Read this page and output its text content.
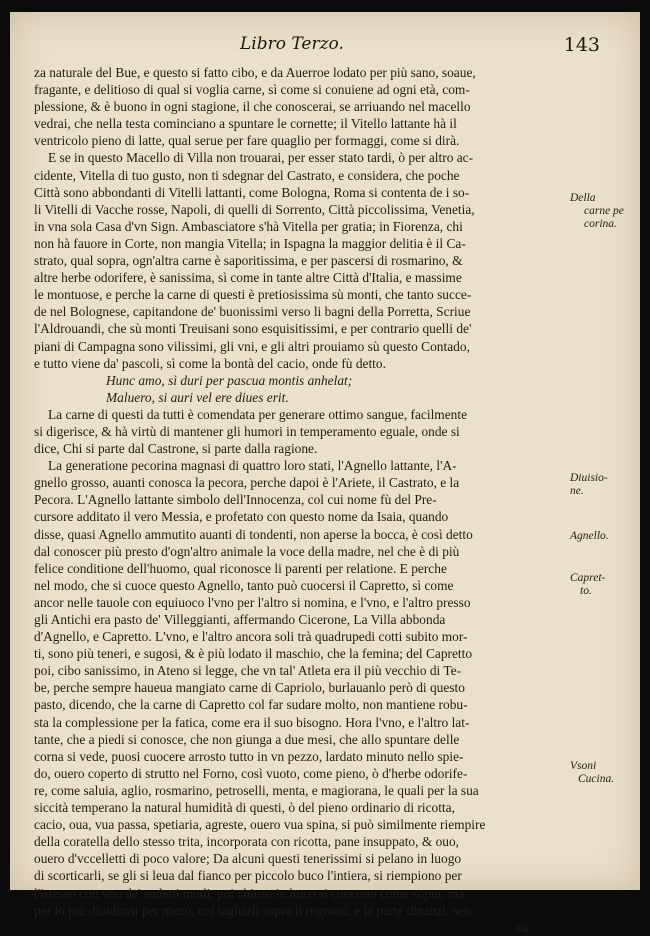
Libro Terzo.	143
za naturale del Bue, e questo si fatto cibo, e da Auerroe lodato per più sano, soaue,
fragante, e delitioso di qual si voglia carne, sì come si conuiene ad ogni età, com-
plessione, & è buono in ogni stagione, il che conoscerai, se arriuando nel macello
vedrai, che nella testa cominciano a spuntare le cornette; il Vitello lattante hà il
ventricolo pieno di latte, qual serue per fare quaglio per formaggi, come si dirà.
E se in questo Macello di Villa non trouarai, per esser stato tardi, ò per altro ac-
cidente, Vitella di tuo gusto, non ti sdegnar del Castrato, e considera, che poche
Città sono abbondanti di Vitelli lattanti, come Bologna, Roma si contenta de i so-
li Vitelli di Vacche rosse, Napoli, di quelli di Sorrento, Città piccolissima, Venetia,
in vna sola Casa d'vn Sign. Ambasciatore s'hà Vitella per gratia; in Fiorenza, chi
non hà fauore in Corte, non mangia Vitella; in Ispagna la maggior delitia è il Ca-
strato, qual sopra, ogn'altra carne è saporitissima, e per pascersi di rosmarino, &
altre herbe odorifere, è sanissima, sì come in tante altre Città d'Italia, e massime
le montuose, e perche la carne di questi è pretiosissima sù monti, che tanto succe-
de nel Bolognese, capitandone de' buonissimi verso li bagni della Porretta, Scriue
l'Aldrouandi, che sù monti Treuisani sono esquisitissimi, e per contrario quelli de'
piani di Campagna sono vilissimi, gli vni, e gli altri prouiamo sù questo Contado,
e tutto viene da' pascoli, sì come la bontà del cacio, onde fù detto.
Hunc amo, sì duri per pascua montis anhelat;
Maluero, si auri vel ere diues erit.
La carne di questi da tutti è comendata per generare ottimo sangue, facilmente
si digerisce, & hà virtù di mantener gli humori in temperamento eguale, onde si
dice, Chi si parte dal Castrone, si parte dalla ragione.
La generatione pecorina magnasi di quattro loro stati, l'Agnello lattante, l'A-
gnello grosso, auanti conosca la pecora, perche dapoi è l'Ariete, il Castrato, e la
Pecora. L'Agnello lattante simbolo dell'Innocenza, col cui nome fù del Pre-
cursore additato il vero Messia, e profetato con questo nome da Isaia, quando
disse, quasi Agnello ammutito auanti di tondenti, non aperse la bocca, è così detto
dal conoscer più presto d'ogn'altro animale la voce della madre, nel che è di più
felice conditione dell'huomo, qual riconosce li parenti per relatione. E perche
nel modo, che si cuoce questo Agnello, tanto può cuocersi il Capretto, sì come
ancor nelle tauole con equiuoco l'vno per l'altro si nomina, e l'vno, e l'altro presso
gli Antichi era pasto de' Villeggianti, affermando Cicerone, La Villa abbonda
d'Agnello, e Capretto. L'vno, e l'altro ancora soli trà quadrupedi cotti subito mor-
ti, sono più teneri, e sugosi, & è più lodato il maschio, che la femina; del Capretto
poi, cibo sanissimo, in Ateno si legge, che vn tal' Atleta era il più vecchio di Te-
be, perche sempre haueua mangiato carne di Capriolo, burlauanlo però di questo
pasto, dicendo, che la carne di Capretto col far sudare molto, non mantiene robu-
sta la complessione per la fatica, come era il suo bisogno. Hora l'vno, e l'altro lat-
tante, che a piedi si conosce, che non giunga a due mesi, che allo spuntare delle
corna si vede, puosi cuocere arrosto tutto in vn pezzo, lardato minuto nello spie-
do, ouero coperto di strutto nel Forno, così vuoto, come pieno, ò d'herbe odorife-
re, come saluia, aglio, rosmarino, petroselli, menta, e magiorana, le quali per la sua
siccità temperano la natural humidità di questi, ò del pieno ordinario di ricotta,
cacio, oua, vua passa, spetiaria, agreste, ouero vua spina, si può similmente riempire
della coratella dello stesso trita, incorporata con ricotta, pane insuppato, & ouo,
ouero d'vccelletti di poco valore; Da alcuni questi tenerissimi si pelano in luogo
di scorticarli, se gli si leua dal fianco per piccolo buco l'intiera, si riempiono per
l'istesso con vno de' sudetti modi, poi chiuso in buco si cuocono come sopra, ma
per lo più diuidonsi per mezo, col tagliarli sopra li rognoni, e la parte dinanzi, sen-
za
Della
carne pe
corina.
Diuisio-
ne.
Agnello.
Capret-
to.
Vsoni
Cucina.
